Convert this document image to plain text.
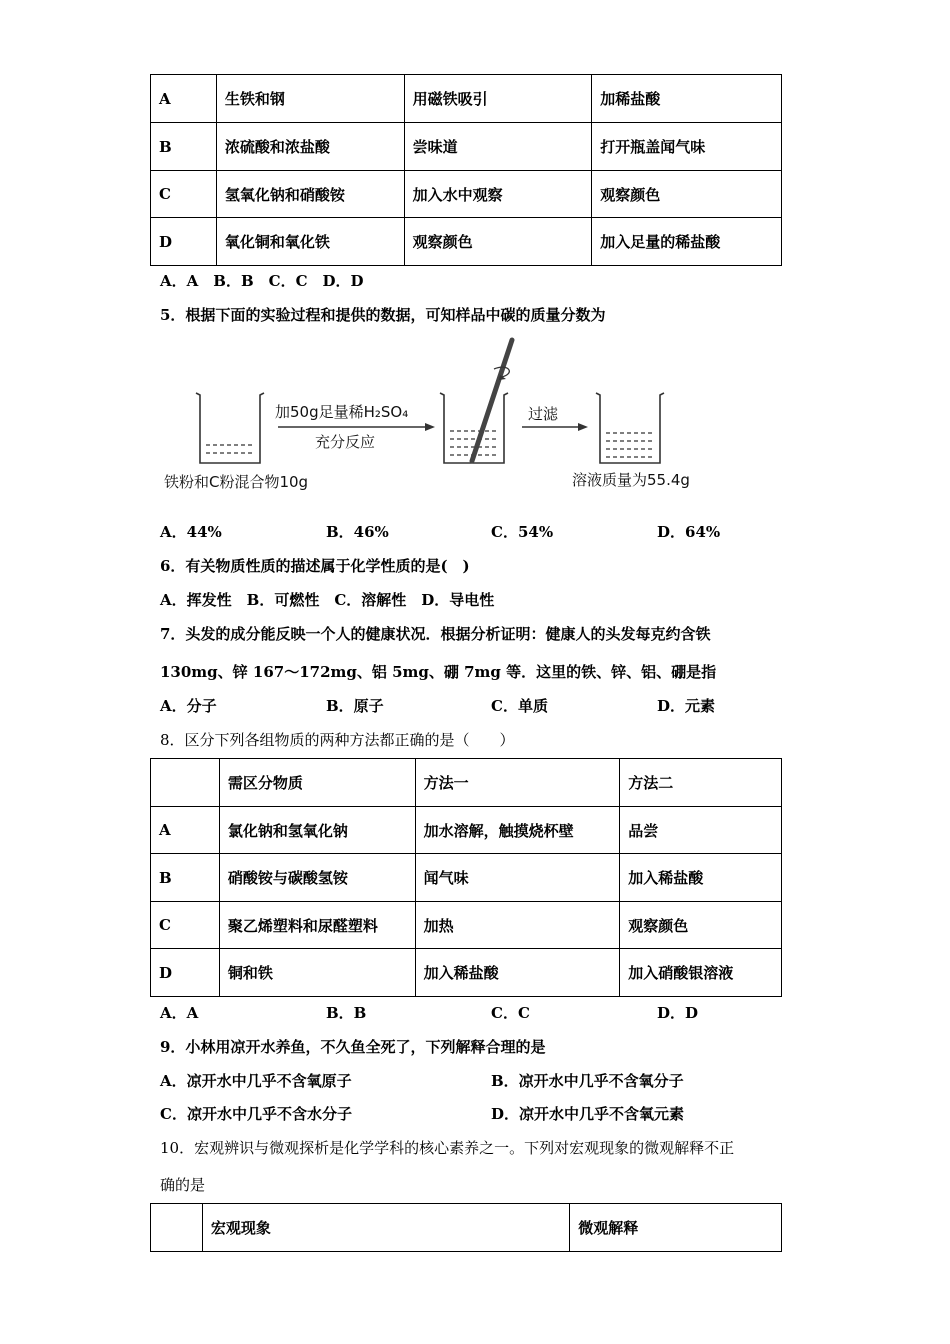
A	生铁和钢	用磁铁吸引	加稀盐酸
B	浓硫酸和浓盐酸	尝味道	打开瓶盖闻气味
C	氢氧化钠和硝酸铵	加入水中观察	观察颜色
D	氧化铜和氧化铁	观察颜色	加入足量的稀盐酸
A．A　B．B　C．C　D．D
5．根据下面的实验过程和提供的数据，可知样品中碳的质量分数为
加50g足量稀H₂SO₄
充分反应
过滤
铁粉和C粉混合物10g	溶液质量为55.4g
A．44%	B．46%	C．54%	D．64%
6．有关物质性质的描述属于化学性质的是(　)
A．挥发性　B．可燃性　C．溶解性　D．导电性
7．头发的成分能反映一个人的健康状况．根据分析证明：健康人的头发每克约含铁
130mg、锌 167～172mg、铝 5mg、硼 7mg 等．这里的铁、锌、铝、硼是指
A．分子	B．原子	C．单质	D．元素
8．区分下列各组物质的两种方法都正确的是（　　）
	需区分物质	方法一	方法二
A	氯化钠和氢氧化钠	加水溶解，触摸烧杯壁	品尝
B	硝酸铵与碳酸氢铵	闻气味	加入稀盐酸
C	聚乙烯塑料和尿醛塑料	加热	观察颜色
D	铜和铁	加入稀盐酸	加入硝酸银溶液
A．A	B．B	C．C	D．D
9．小林用凉开水养鱼，不久鱼全死了，下列解释合理的是
A．凉开水中几乎不含氧原子	B．凉开水中几乎不含氧分子
C．凉开水中几乎不含水分子	D．凉开水中几乎不含氧元素
10．宏观辨识与微观探析是化学学科的核心素养之一。下列对宏观现象的微观解释不正
确的是
	宏观现象	微观解释
